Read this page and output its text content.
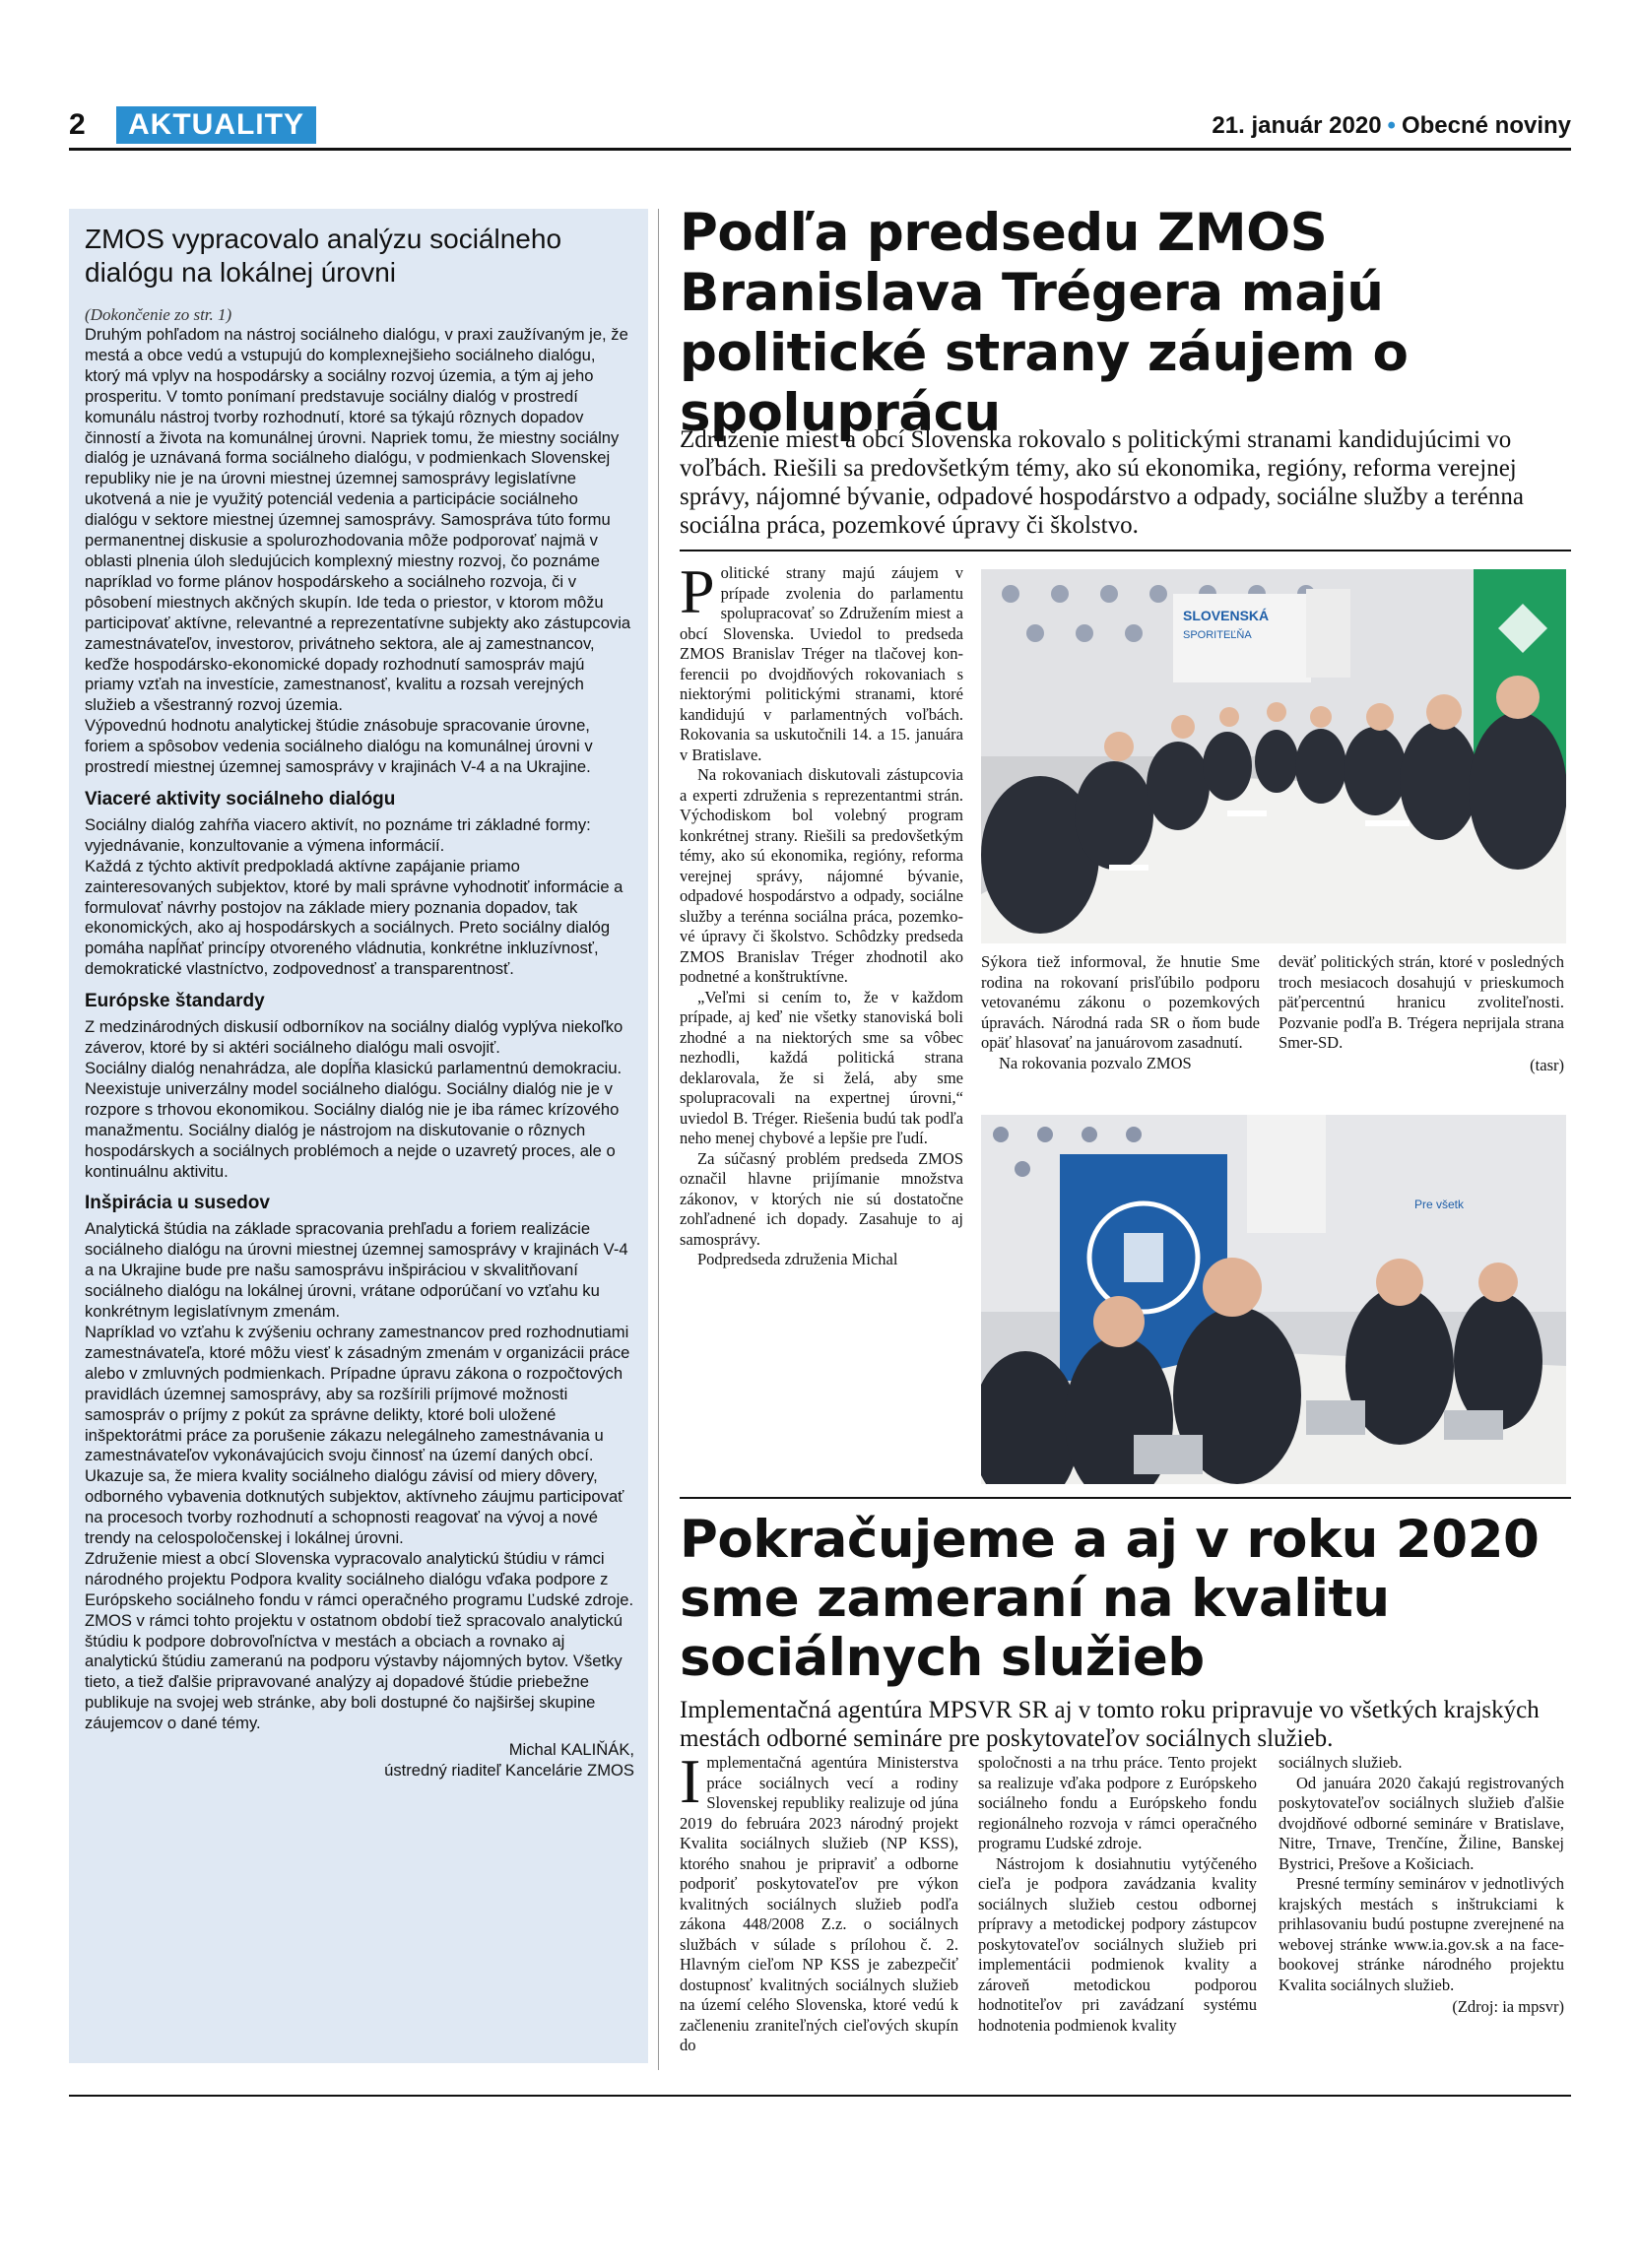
2	AKTUALITY	21. január 2020 • Obecné noviny
ZMOS vypracovalo analýzu sociálneho dialógu na lokálnej úrovni
(Dokončenie zo str. 1)

Druhým pohľadom na nástroj sociálneho dialógu, v praxi zaužívaným je, že mestá a obce vedú a vstupujú do komplexnejšieho sociálneho dialógu, ktorý má vplyv na hospodársky a sociálny rozvoj územia, a tým aj jeho prosperitu. V tomto ponímaní predstavuje sociálny dialóg v prostredí komunálu nástroj tvorby rozhodnutí, ktoré sa týkajú rôznych dopadov činností a života na komunálnej úrovni. Napriek tomu, že miestny sociálny dialóg je uznávaná forma sociálneho dialógu, v podmienkach Slovenskej republiky nie je na úrovni miestnej územnej samosprávy legislatívne ukotvená a nie je využitý potenciál vedenia a participácie sociálneho dialógu v sektore miestnej územnej samosprávy. Samospráva túto formu permanentnej diskusie a spolurozhodovania môže podporovať najmä v oblasti plnenia úloh sledujúcich komplexný miestny rozvoj, čo poznáme napríklad vo forme plánov hospodárskeho a sociálneho rozvoja, či v pôsobení miestnych akčných skupín. Ide teda o priestor, v ktorom môžu participovať aktívne, relevantné a reprezentatívne subjekty ako zástupcovia zamestnávateľov, investorov, privátneho sektora, ale aj zamestnancov, keďže hospodársko-ekonomické dopady rozhodnutí samospráv majú priamy vzťah na investície, zamestnanosť, kvalitu a rozsah verejných služieb a všestranný rozvoj územia.

Výpovednú hodnotu analytickej štúdie znásobuje spracovanie úrovne, foriem a spôsobov vedenia sociálneho dialógu na komunálnej úrovni v prostredí miestnej územnej samosprávy v krajinách V-4 a na Ukrajine.

Viaceré aktivity sociálneho dialógu

Sociálny dialóg zahŕňa viacero aktivít, no poznáme tri základné formy: vyjednávanie, konzultovanie a výmena informácií.

Každá z týchto aktivít predpokladá aktívne zapájanie priamo zainteresovaných subjektov, ktoré by mali správne vyhodnotiť informácie a formulovať návrhy postojov na základe miery poznania dopadov, tak ekonomických, ako aj hospodárskych a sociálnych. Preto sociálny dialóg pomáha napĺňať princípy otvoreného vládnutia, konkrétne inkluzívnosť, demokratické vlastníctvo, zodpovednosť a transparentnosť.

Európske štandardy

Z medzinárodných diskusií odborníkov na sociálny dialóg vyplýva niekoľko záverov, ktoré by si aktéri sociálneho dialógu mali osvojiť.

Sociálny dialóg nenahrádza, ale dopĺňa klasickú parlamentnú demokraciu. Neexistuje univerzálny model sociálneho dialógu. Sociálny dialóg nie je v rozpore s trhovou ekonomikou. Sociálny dialóg nie je iba rámec krízového manažmentu. Sociálny dialóg je nástrojom na diskutovanie o rôznych hospodárskych a sociálnych problémoch a nejde o uzavretý proces, ale o kontinuálnu aktivitu.

Inšpirácia u susedov

Analytická štúdia na základe spracovania prehľadu a foriem realizácie sociálneho dialógu na úrovni miestnej územnej samosprávy v krajinách V-4 a na Ukrajine bude pre našu samosprávu inšpiráciou v skvalitňovaní sociálneho dialógu na lokálnej úrovni, vrátane odporúčaní vo vzťahu ku konkrétnym legislatívnym zmenám.

Napríklad vo vzťahu k zvýšeniu ochrany zamestnancov pred rozhodnutiami zamestnávateľa, ktoré môžu viesť k zásadným zmenám v organizácii práce alebo v zmluvných podmienkach. Prípadne úpravu zákona o rozpočtových pravidlách územnej samosprávy, aby sa rozšírili príjmové možnosti samospráv o príjmy z pokút za správne delikty, ktoré boli uložené inšpektorátmi práce za porušenie zákazu nelegálneho zamestnávania u zamestnávateľov vykonávajúcich svoju činnosť na území daných obcí. Ukazuje sa, že miera kvality sociálneho dialógu závisí od miery dôvery, odborného vybavenia dotknutých subjektov, aktívneho záujmu participovať na procesoch tvorby rozhodnutí a schopnosti reagovať na vývoj a nové trendy na celospoločenskej i lokálnej úrovni.

Združenie miest a obcí Slovenska vypracovalo analytickú štúdiu v rámci národného projektu Podpora kvality sociálneho dialógu vďaka podpore z Európskeho sociálneho fondu v rámci operačného programu Ľudské zdroje. ZMOS v rámci tohto projektu v ostatnom období tiež spracovalo analytickú štúdiu k podpore dobrovoľníctva v mestách a obciach a rovnako aj analytickú štúdiu zameranú na podporu výstavby nájomných bytov. Všetky tieto, a tiež ďalšie pripravované analýzy aj dopadové štúdie priebežne publikuje na svojej web stránke, aby boli dostupné čo najširšej skupine záujemcov o dané témy.

Michal KALIŇÁK,
ústredný riaditeľ Kancelárie ZMOS
Podľa predsedu ZMOS Branislava Trégera majú politické strany záujem o spoluprácu
Združenie miest a obcí Slovenska rokovalo s politickými stranami kandidujúcimi vo voľbách. Riešili sa predovšetkým témy, ako sú ekonomika, regióny, reforma verejnej správy, nájomné bývanie, odpadové hospodárstvo a odpady, sociálne služby a terénna sociálna práca, pozemkové úpravy či školstvo.

Politické strany majú záujem v prípade zvolenia do parlamentu spolupracovať so Združením miest a obcí Slovenska. Uviedol to predseda ZMOS Branislav Tréger na tlačovej konferencii po dvojdňových rokovaniach s niektorými politickými stranami, ktoré kandidujú v parlamentných voľbách. Rokovania sa uskutočnili 14. a 15. januára v Bratislave.

Na rokovaniach diskutovali zástupcovia a experti združenia s reprezentantmi strán. Východiskom bol volebný program konkrétnej strany. Riešili sa predovšetkým témy, ako sú ekonomika, regióny, reforma verejnej správy, nájomné bývanie, odpadové hospodárstvo a odpady, sociálne služby a terénna sociálna práca, pozemkové úpravy či školstvo. Schôdzky predseda ZMOS Branislav Tréger zhodnotil ako podnetné a konštruktívne.

„Veľmi si cením to, že v každom prípade, aj keď nie všetky stanoviská boli zhodné a na niektorých sme sa vôbec nezhodli, každá politická strana deklarovala, že si želá, aby sme spolupracovali na expertnej úrovni,“ uviedol B. Tréger. Riešenia budú tak podľa neho menej chybové a lepšie pre ľudí.

Za súčasný problém predseda ZMOS označil hlavne prijímanie množstva zákonov, v ktorých nie sú dostatočne zohľadnené ich dopady. Zasahuje to aj samosprávy.

Podpredseda združenia Michal

SLOVENSKÁ
SPORITEĽŇA

Sýkora tiež informoval, že hnutie Sme rodina na rokovaní prisľúbilo podporu vetovanému zákonu o pozemkových úpravách. Národná rada SR o ňom bude opäť hlasovať na januárovom zasadnutí.

Na rokovania pozvalo ZMOS

deväť politických strán, ktoré v posledných troch mesiacoch dosahujú v prieskumoch päťpercentnú hranicu zvoliteľnosti. Pozvanie podľa B. Trégera neprijala strana Smer-SD.

(tasr)
Pre všetk
Pokračujeme a aj v roku 2020 sme zameraní na kvalitu sociálnych služieb
Implementačná agentúra MPSVR SR aj v tomto roku pripravuje vo všetkých krajských mestách odborné semináre pre poskytovateľov sociálnych služieb.

Implementačná agentúra Ministerstva práce sociálnych vecí a rodiny Slovenskej republiky realizuje od júna 2019 do februára 2023 národný projekt Kvalita sociálnych služieb (NP KSS), ktorého snahou je pripraviť a odborne podporiť poskytovateľov pre výkon kvalitných sociálnych služieb podľa zákona 448/2008 Z.z. o sociálnych službách v súlade s prílohou č. 2. Hlavným cieľom NP KSS je zabezpečiť dostupnosť kvalitných sociálnych služieb na území celého Slovenska, ktoré vedú k začleneniu zraniteľných cieľových skupín do

spoločnosti a na trhu práce. Tento projekt sa realizuje vďaka podpore z Európskeho sociálneho fondu a Európskeho fondu regionálneho rozvoja v rámci operačného programu Ľudské zdroje.

Nástrojom k dosiahnutiu vytýčeného cieľa je podpora zavádzania kvality sociálnych služieb cestou odbornej prípravy a metodickej podpory zástupcov poskytovateľov sociálnych služieb pri implementácii podmienok kvality a zároveň metodickou podporou hodnotiteľov pri zavádzaní systému hodnotenia podmienok kvality

sociálnych služieb.

Od januára 2020 čakajú registrovaných poskytovateľov sociálnych služieb ďalšie dvojdňové odborné semináre v Bratislave, Nitre, Trnave, Trenčíne, Žiline, Banskej Bystrici, Prešove a Košiciach.

Presné termíny seminárov v jednotlivých krajských mestách s inštrukciami k prihlasovaniu budú postupne zverejnené na webovej stránke www.ia.gov.sk a na facebookovej stránke národného projektu Kvalita sociálnych služieb.

(Zdroj: ia mpsvr)
